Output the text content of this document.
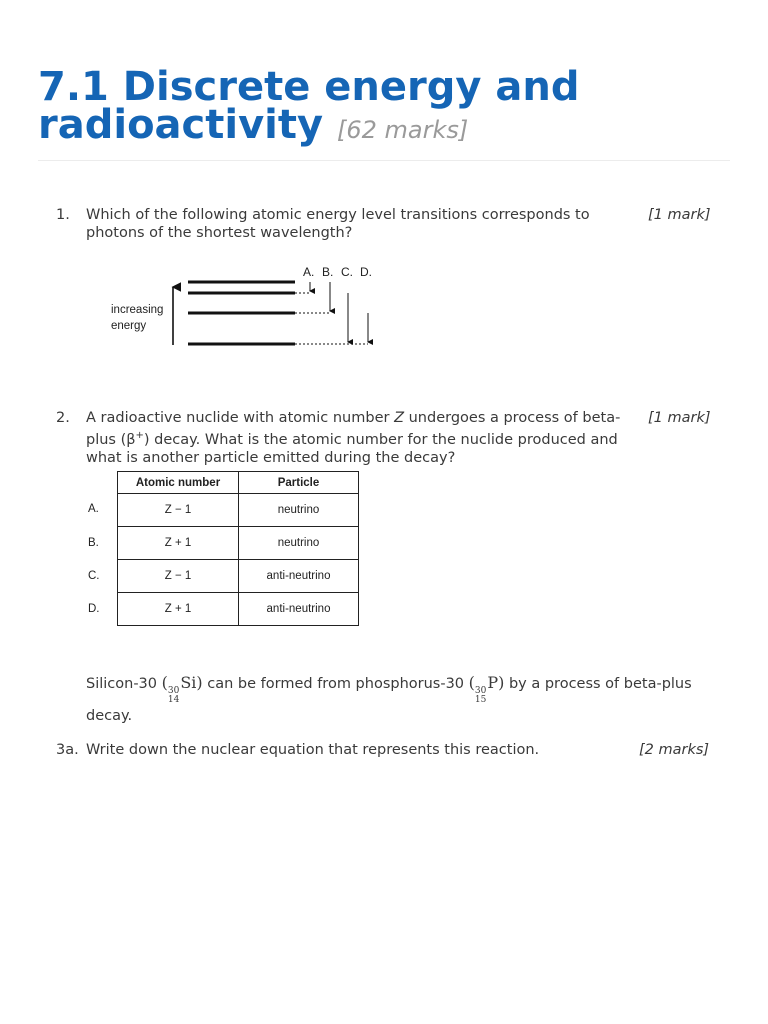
7.1 Discrete energy and radioactivity [62 marks]
1. Which of the following atomic energy level transitions corresponds to photons of the shortest wavelength?
[1 mark]
increasing
energy
A. B. C. D.
2. A radioactive nuclide with atomic number Z undergoes a process of beta-plus (β+) decay. What is the atomic number for the nuclide produced and what is another particle emitted during the decay?
[1 mark]
A.
B.
C.
D.
Atomic number	Particle
Z − 1	neutrino
Z + 1	neutrino
Z − 1	anti-neutrino
Z + 1	anti-neutrino
Silicon-30 ( 30
14
Si) can be formed from phosphorus-30 ( 30
15
P) by a process of beta-plus decay.
3a. Write down the nuclear equation that represents this reaction.	[2 marks]
